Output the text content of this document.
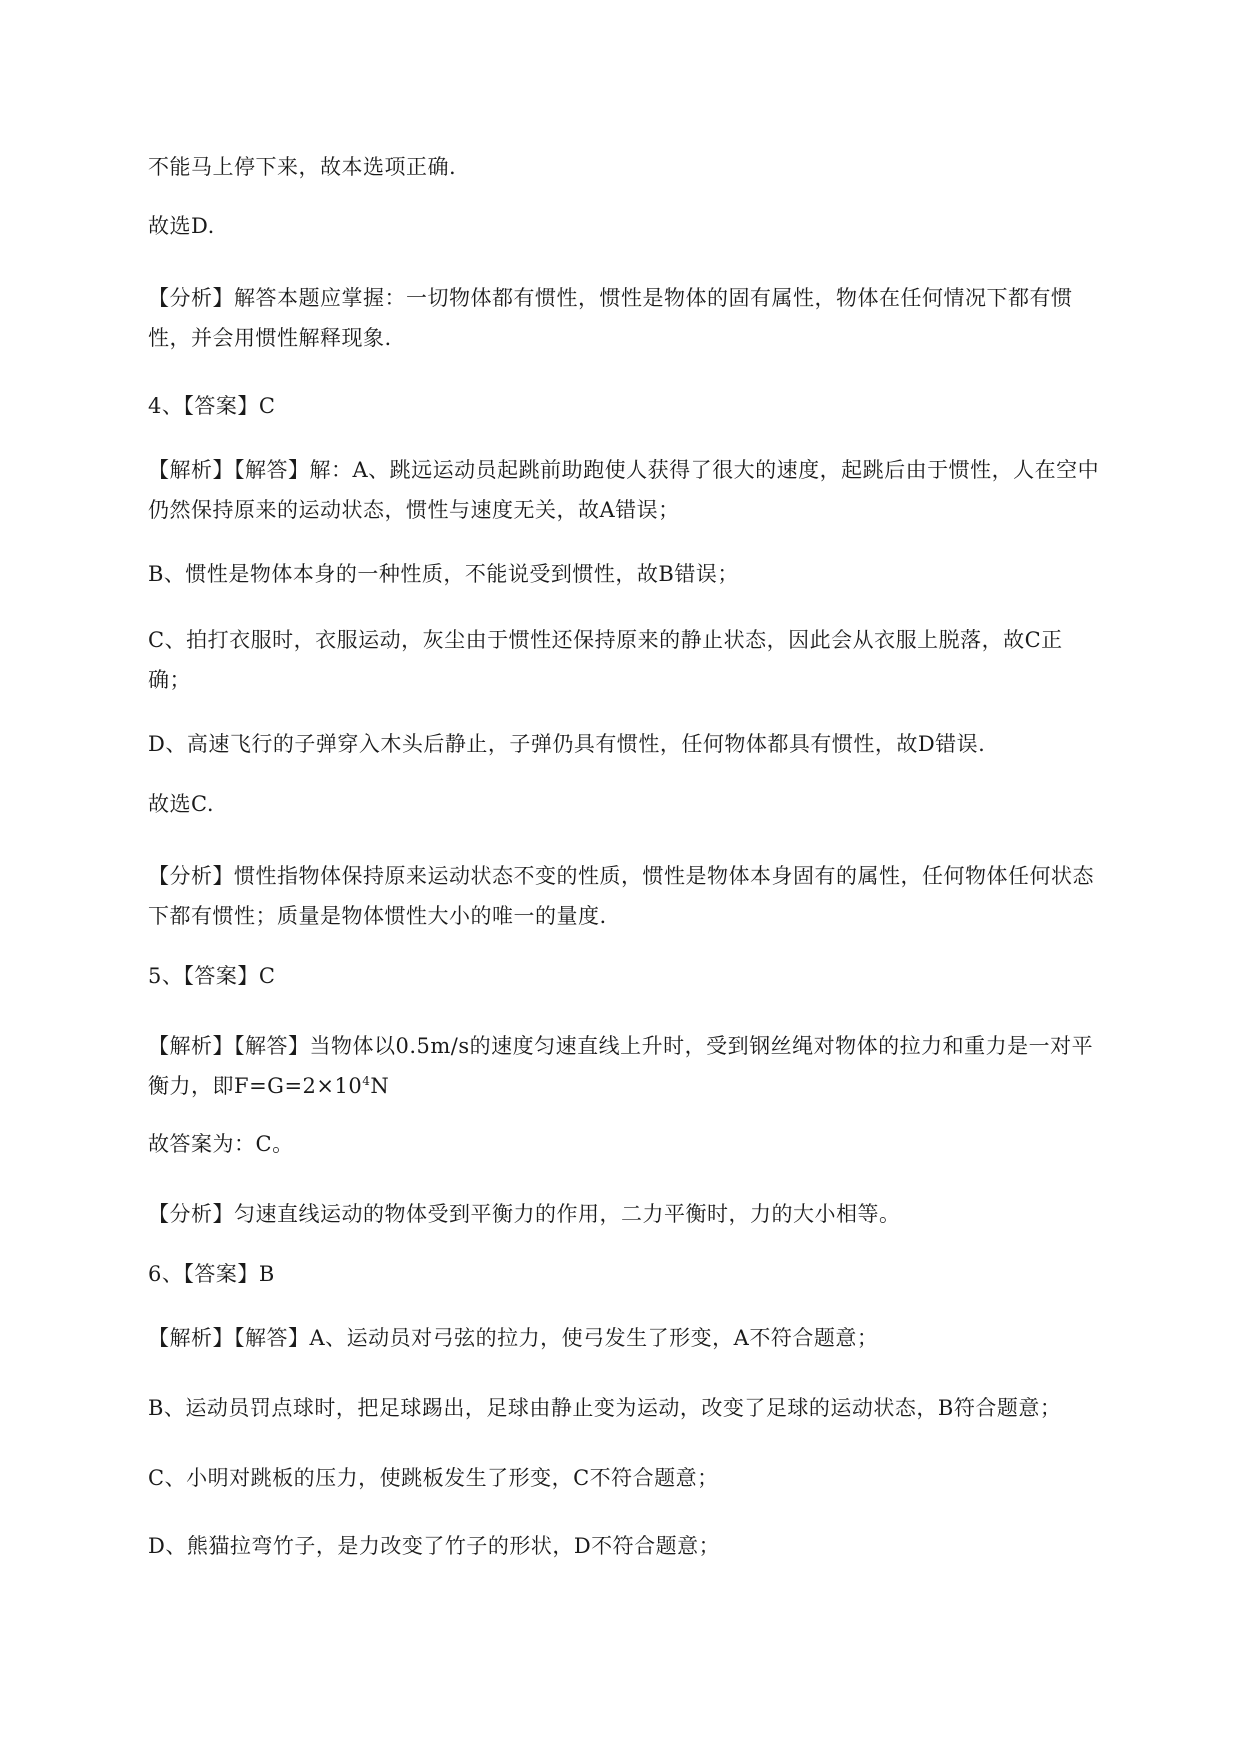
不能马上停下来，故本选项正确.
故选D.
【分析】解答本题应掌握：一切物体都有惯性，惯性是物体的固有属性，物体在任何情况下都有惯
性，并会用惯性解释现象.
4、【答案】C
【解析】【解答】解：A、跳远运动员起跳前助跑使人获得了很大的速度，起跳后由于惯性，人在空中
仍然保持原来的运动状态，惯性与速度无关，故A错误；
B、惯性是物体本身的一种性质，不能说受到惯性，故B错误；
C、拍打衣服时，衣服运动，灰尘由于惯性还保持原来的静止状态，因此会从衣服上脱落，故C正
确；
D、高速飞行的子弹穿入木头后静止，子弹仍具有惯性，任何物体都具有惯性，故D错误.
故选C.
【分析】惯性指物体保持原来运动状态不变的性质，惯性是物体本身固有的属性，任何物体任何状态
下都有惯性；质量是物体惯性大小的唯一的量度.
5、【答案】C
【解析】【解答】当物体以0.5m/s的速度匀速直线上升时，受到钢丝绳对物体的拉力和重力是一对平
衡力，即$F=G=2\times 10^4N$
故答案为：C。
【分析】匀速直线运动的物体受到平衡力的作用，二力平衡时，力的大小相等。
6、【答案】B
【解析】【解答】A、运动员对弓弦的拉力，使弓发生了形变，A不符合题意；
B、运动员罚点球时，把足球踢出，足球由静止变为运动，改变了足球的运动状态，B符合题意；
C、小明对跳板的压力，使跳板发生了形变，C不符合题意；
D、熊猫拉弯竹子，是力改变了竹子的形状，D不符合题意；
